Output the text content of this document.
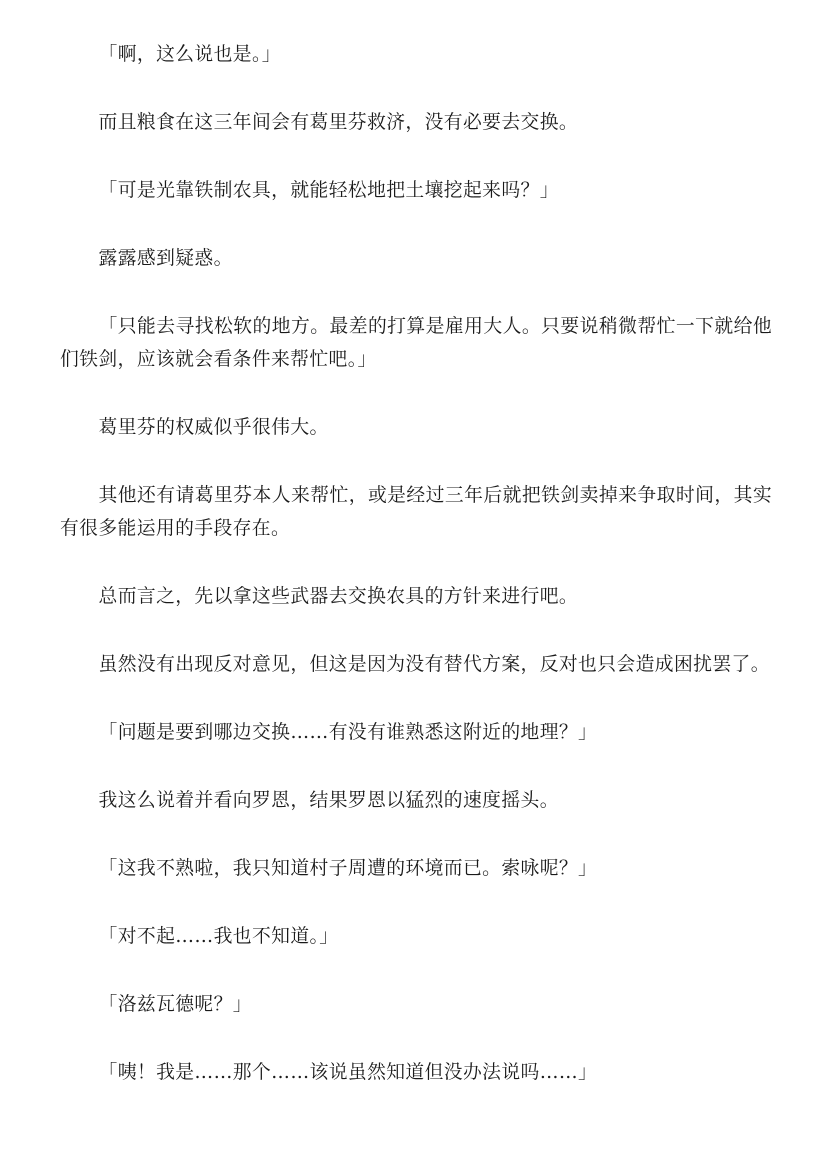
「啊，这么说也是。」

而且粮食在这三年间会有葛里芬救济，没有必要去交换。

「可是光靠铁制农具，就能轻松地把土壤挖起来吗？」

露露感到疑惑。

「只能去寻找松软的地方。最差的打算是雇用大人。只要说稍微帮忙一下就给他们铁剑，应该就会看条件来帮忙吧。」

葛里芬的权威似乎很伟大。

其他还有请葛里芬本人来帮忙，或是经过三年后就把铁剑卖掉来争取时间，其实有很多能运用的手段存在。

总而言之，先以拿这些武器去交换农具的方针来进行吧。

虽然没有出现反对意见，但这是因为没有替代方案，反对也只会造成困扰罢了。

「问题是要到哪边交换……有没有谁熟悉这附近的地理？」

我这么说着并看向罗恩，结果罗恩以猛烈的速度摇头。

「这我不熟啦，我只知道村子周遭的环境而已。索咏呢？」

「对不起……我也不知道。」

「洛兹瓦德呢？」

「咦！我是……那个……该说虽然知道但没办法说吗……」
